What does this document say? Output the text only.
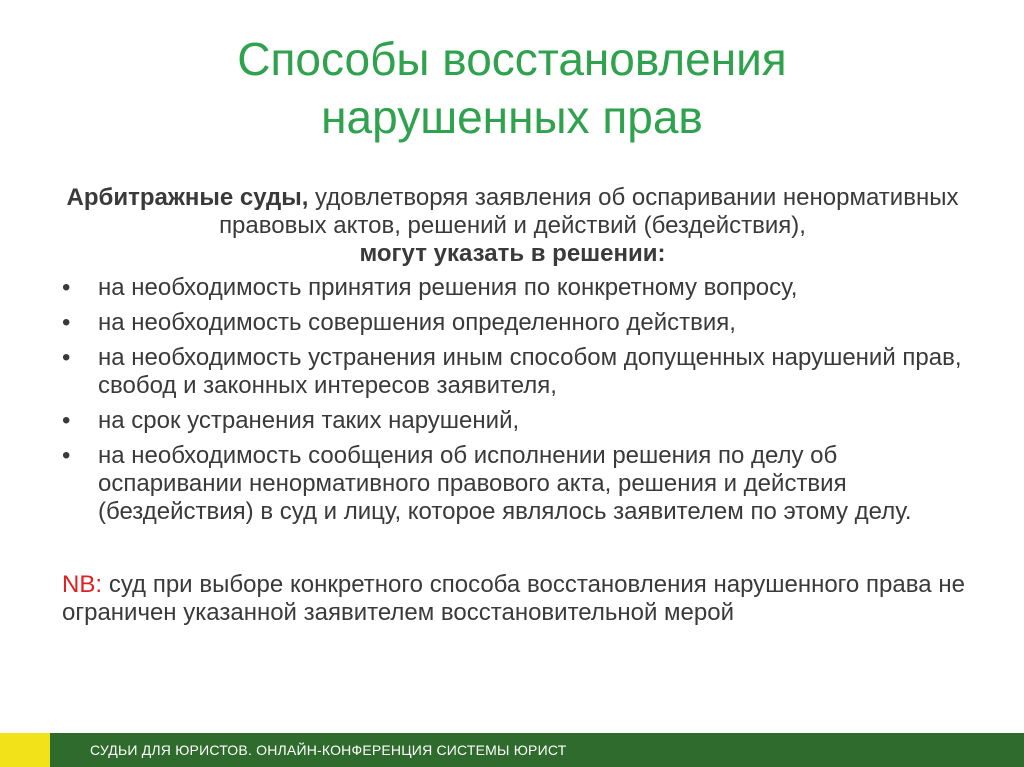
Способы восстановления
нарушенных прав
Арбитражные суды, удовлетворяя заявления об оспаривании ненормативных правовых актов, решений и действий (бездействия),
могут указать в решении:
• на необходимость принятия решения по конкретному вопросу,
• на необходимость совершения определенного действия,
• на необходимость устранения иным способом допущенных нарушений прав, свобод и законных интересов заявителя,
• на срок устранения таких нарушений,
• на необходимость сообщения об исполнении решения по делу об оспаривании ненормативного правового акта, решения и действия (бездействия) в суд и лицу, которое являлось заявителем по этому делу.
NB: суд при выборе конкретного способа восстановления нарушенного права не ограничен указанной заявителем восстановительной мерой
СУДЬИ ДЛЯ ЮРИСТОВ. ОНЛАЙН-КОНФЕРЕНЦИЯ СИСТЕМЫ ЮРИСТ
